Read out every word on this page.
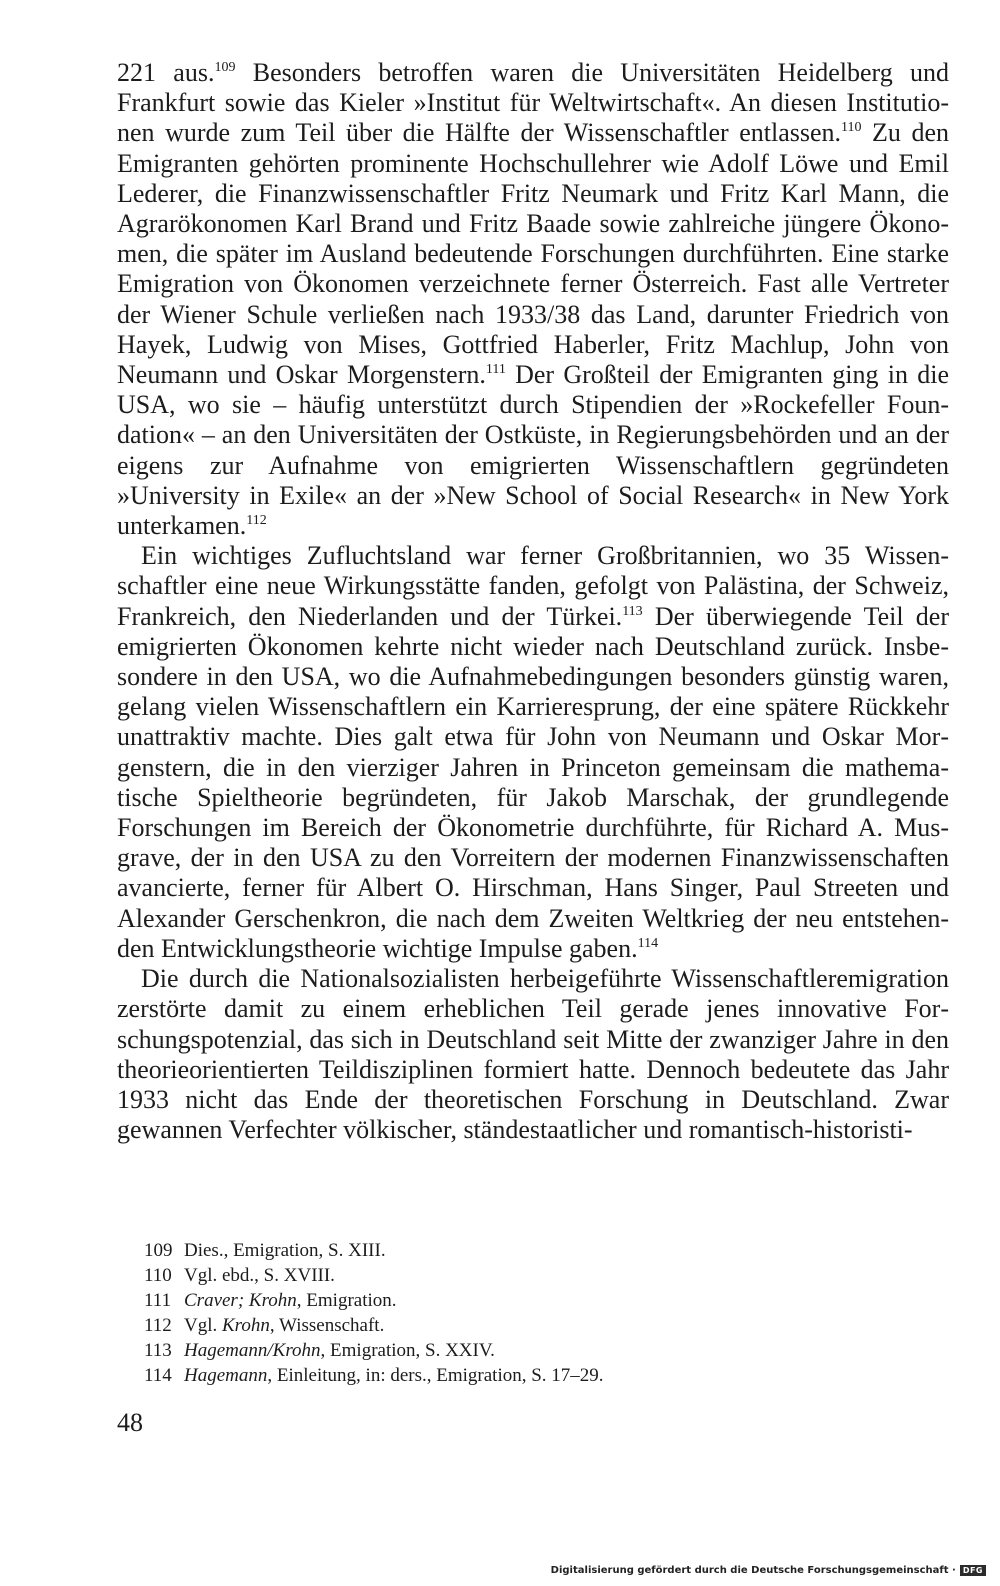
221 aus.$^{109}$ Besonders betroffen waren die Universitäten Heidelberg und Frankfurt sowie das Kieler »Institut für Weltwirtschaft«. An diesen Institutionen wurde zum Teil über die Hälfte der Wissenschaftler entlassen.$^{110}$ Zu den Emigranten gehörten prominente Hochschullehrer wie Adolf Löwe und Emil Lederer, die Finanzwissenschaftler Fritz Neumark und Fritz Karl Mann, die Agrarökonomen Karl Brand und Fritz Baade sowie zahlreiche jüngere Ökonomen, die später im Ausland bedeutende Forschungen durchführten. Eine starke Emigration von Ökonomen verzeichnete ferner Österreich. Fast alle Vertreter der Wiener Schule verließen nach 1933/38 das Land, darunter Friedrich von Hayek, Ludwig von Mises, Gottfried Haberler, Fritz Machlup, John von Neumann und Oskar Morgenstern.$^{111}$ Der Großteil der Emigranten ging in die USA, wo sie – häufig unterstützt durch Stipendien der »Rockefeller Foundation« – an den Universitäten der Ostküste, in Regierungsbehörden und an der eigens zur Aufnahme von emigrierten Wissenschaftlern gegründeten »University in Exile« an der »New School of Social Research« in New York unterkamen.$^{112}$

Ein wichtiges Zufluchtsland war ferner Großbritannien, wo 35 Wissenschaftler eine neue Wirkungsstätte fanden, gefolgt von Palästina, der Schweiz, Frankreich, den Niederlanden und der Türkei.$^{113}$ Der überwiegende Teil der emigrierten Ökonomen kehrte nicht wieder nach Deutschland zurück. Insbesondere in den USA, wo die Aufnahmebedingungen besonders günstig waren, gelang vielen Wissenschaftlern ein Karrieresprung, der eine spätere Rückkehr unattraktiv machte. Dies galt etwa für John von Neumann und Oskar Morgenstern, die in den vierziger Jahren in Princeton gemeinsam die mathematische Spieltheorie begründeten, für Jakob Marschak, der grundlegende Forschungen im Bereich der Ökonometrie durchführte, für Richard A. Musgrave, der in den USA zu den Vorreitern der modernen Finanzwissenschaften avancierte, ferner für Albert O. Hirschman, Hans Singer, Paul Streeten und Alexander Gerschenkron, die nach dem Zweiten Weltkrieg der neu entstehenden Entwicklungstheorie wichtige Impulse gaben.$^{114}$

Die durch die Nationalsozialisten herbeigeführte Wissenschaftleremigration zerstörte damit zu einem erheblichen Teil gerade jenes innovative Forschungspotenzial, das sich in Deutschland seit Mitte der zwanziger Jahre in den theorieorientierten Teildisziplinen formiert hatte. Dennoch bedeutete das Jahr 1933 nicht das Ende der theoretischen Forschung in Deutschland. Zwar gewannen Verfechter völkischer, ständestaatlicher und romantisch-historisti-

109 Dies., Emigration, S. XIII.
110 Vgl. ebd., S. XVIII.
111 Craver; Krohn, Emigration.
112 Vgl. Krohn, Wissenschaft.
113 Hagemann/Krohn, Emigration, S. XXIV.
114 Hagemann, Einleitung, in: ders., Emigration, S. 17–29.
48
Digitalisierung gefördert durch die Deutsche Forschungsgemeinschaft · DFG
